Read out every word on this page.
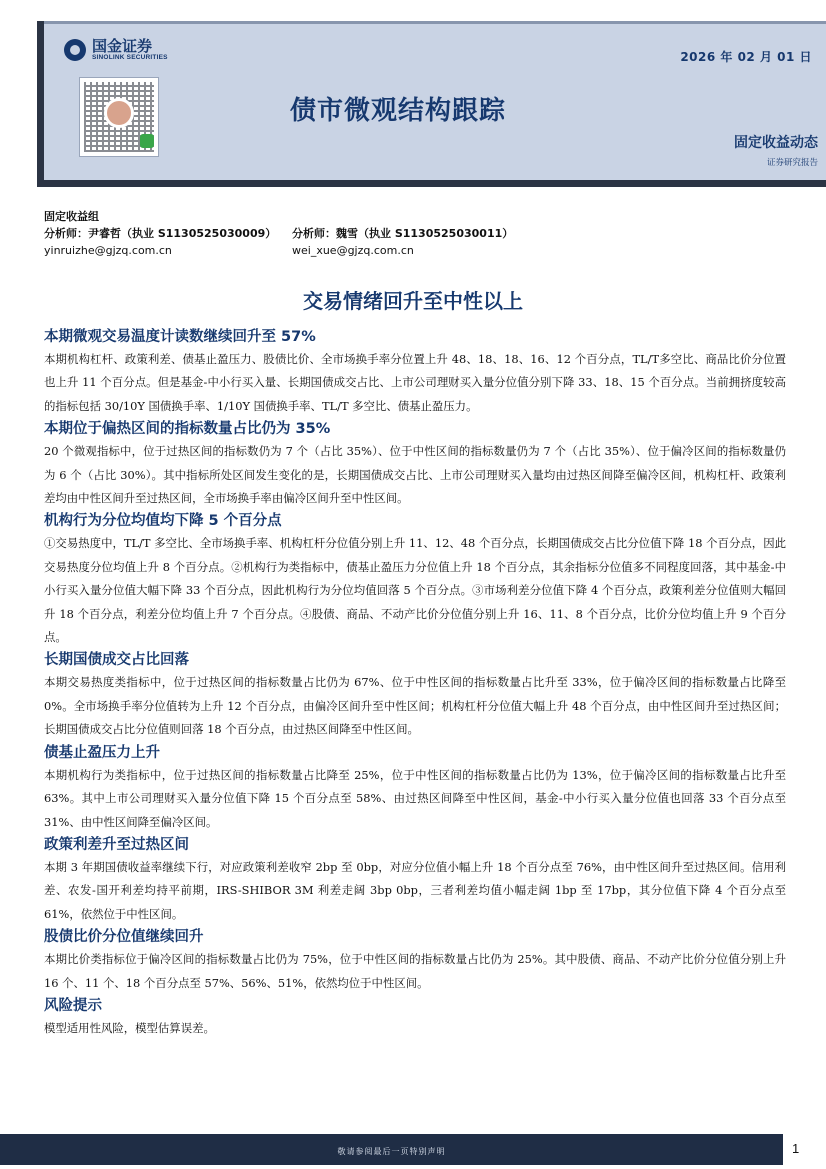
国金证券
SINOLINK SECURITIES	2026 年 02 月 01 日
债市微观结构跟踪
固定收益动态
证券研究报告
固定收益组
分析师：尹睿哲（执业 S1130525030009）	分析师：魏雪（执业 S1130525030011）
yinruizhe@gjzq.com.cn	wei_xue@gjzq.com.cn
交易情绪回升至中性以上
本期微观交易温度计读数继续回升至 57%

本期机构杠杆、政策利差、债基止盈压力、股债比价、全市场换手率分位置上升 48、18、18、16、12 个百分点，TL/T多空比、商品比价分位置也上升 11 个百分点。但是基金-中小行买入量、长期国债成交占比、上市公司理财买入量分位值分别下降 33、18、15 个百分点。当前拥挤度较高的指标包括 30/10Y 国债换手率、1/10Y 国债换手率、TL/T 多空比、债基止盈压力。

本期位于偏热区间的指标数量占比仍为 35%

20 个微观指标中，位于过热区间的指标数仍为 7 个（占比 35%）、位于中性区间的指标数量仍为 7 个（占比 35%）、位于偏冷区间的指标数量仍为 6 个（占比 30%）。其中指标所处区间发生变化的是，长期国债成交占比、上市公司理财买入量均由过热区间降至偏冷区间，机构杠杆、政策利差均由中性区间升至过热区间，全市场换手率由偏冷区间升至中性区间。

机构行为分位均值均下降 5 个百分点

①交易热度中，TL/T 多空比、全市场换手率、机构杠杆分位值分别上升 11、12、48 个百分点，长期国债成交占比分位值下降 18 个百分点，因此交易热度分位均值上升 8 个百分点。②机构行为类指标中，债基止盈压力分位值上升 18 个百分点，其余指标分位值多不同程度回落，其中基金-中小行买入量分位值大幅下降 33 个百分点，因此机构行为分位均值回落 5 个百分点。③市场利差分位值下降 4 个百分点，政策利差分位值则大幅回升 18 个百分点，利差分位均值上升 7 个百分点。④股债、商品、不动产比价分位值分别上升 16、11、8 个百分点，比价分位均值上升 9 个百分点。

长期国债成交占比回落

本期交易热度类指标中，位于过热区间的指标数量占比仍为 67%、位于中性区间的指标数量占比升至 33%，位于偏冷区间的指标数量占比降至 0%。全市场换手率分位值转为上升 12 个百分点，由偏冷区间升至中性区间；机构杠杆分位值大幅上升 48 个百分点，由中性区间升至过热区间；长期国债成交占比分位值则回落 18 个百分点，由过热区间降至中性区间。

债基止盈压力上升

本期机构行为类指标中，位于过热区间的指标数量占比降至 25%，位于中性区间的指标数量占比仍为 13%，位于偏冷区间的指标数量占比升至 63%。其中上市公司理财买入量分位值下降 15 个百分点至 58%、由过热区间降至中性区间，基金-中小行买入量分位值也回落 33 个百分点至 31%、由中性区间降至偏冷区间。

政策利差升至过热区间

本期 3 年期国债收益率继续下行，对应政策利差收窄 2bp 至 0bp，对应分位值小幅上升 18 个百分点至 76%，由中性区间升至过热区间。信用利差、农发-国开利差均持平前期，IRS-SHIBOR 3M 利差走阔 3bp 0bp，三者利差均值小幅走阔 1bp 至 17bp，其分位值下降 4 个百分点至 61%，依然位于中性区间。

股债比价分位值继续回升

本期比价类指标位于偏冷区间的指标数量占比仍为 75%，位于中性区间的指标数量占比仍为 25%。其中股债、商品、不动产比价分位值分别上升 16 个、11 个、18 个百分点至 57%、56%、51%，依然均位于中性区间。

风险提示

模型适用性风险，模型估算误差。

敬请参阅最后一页特别声明	1
